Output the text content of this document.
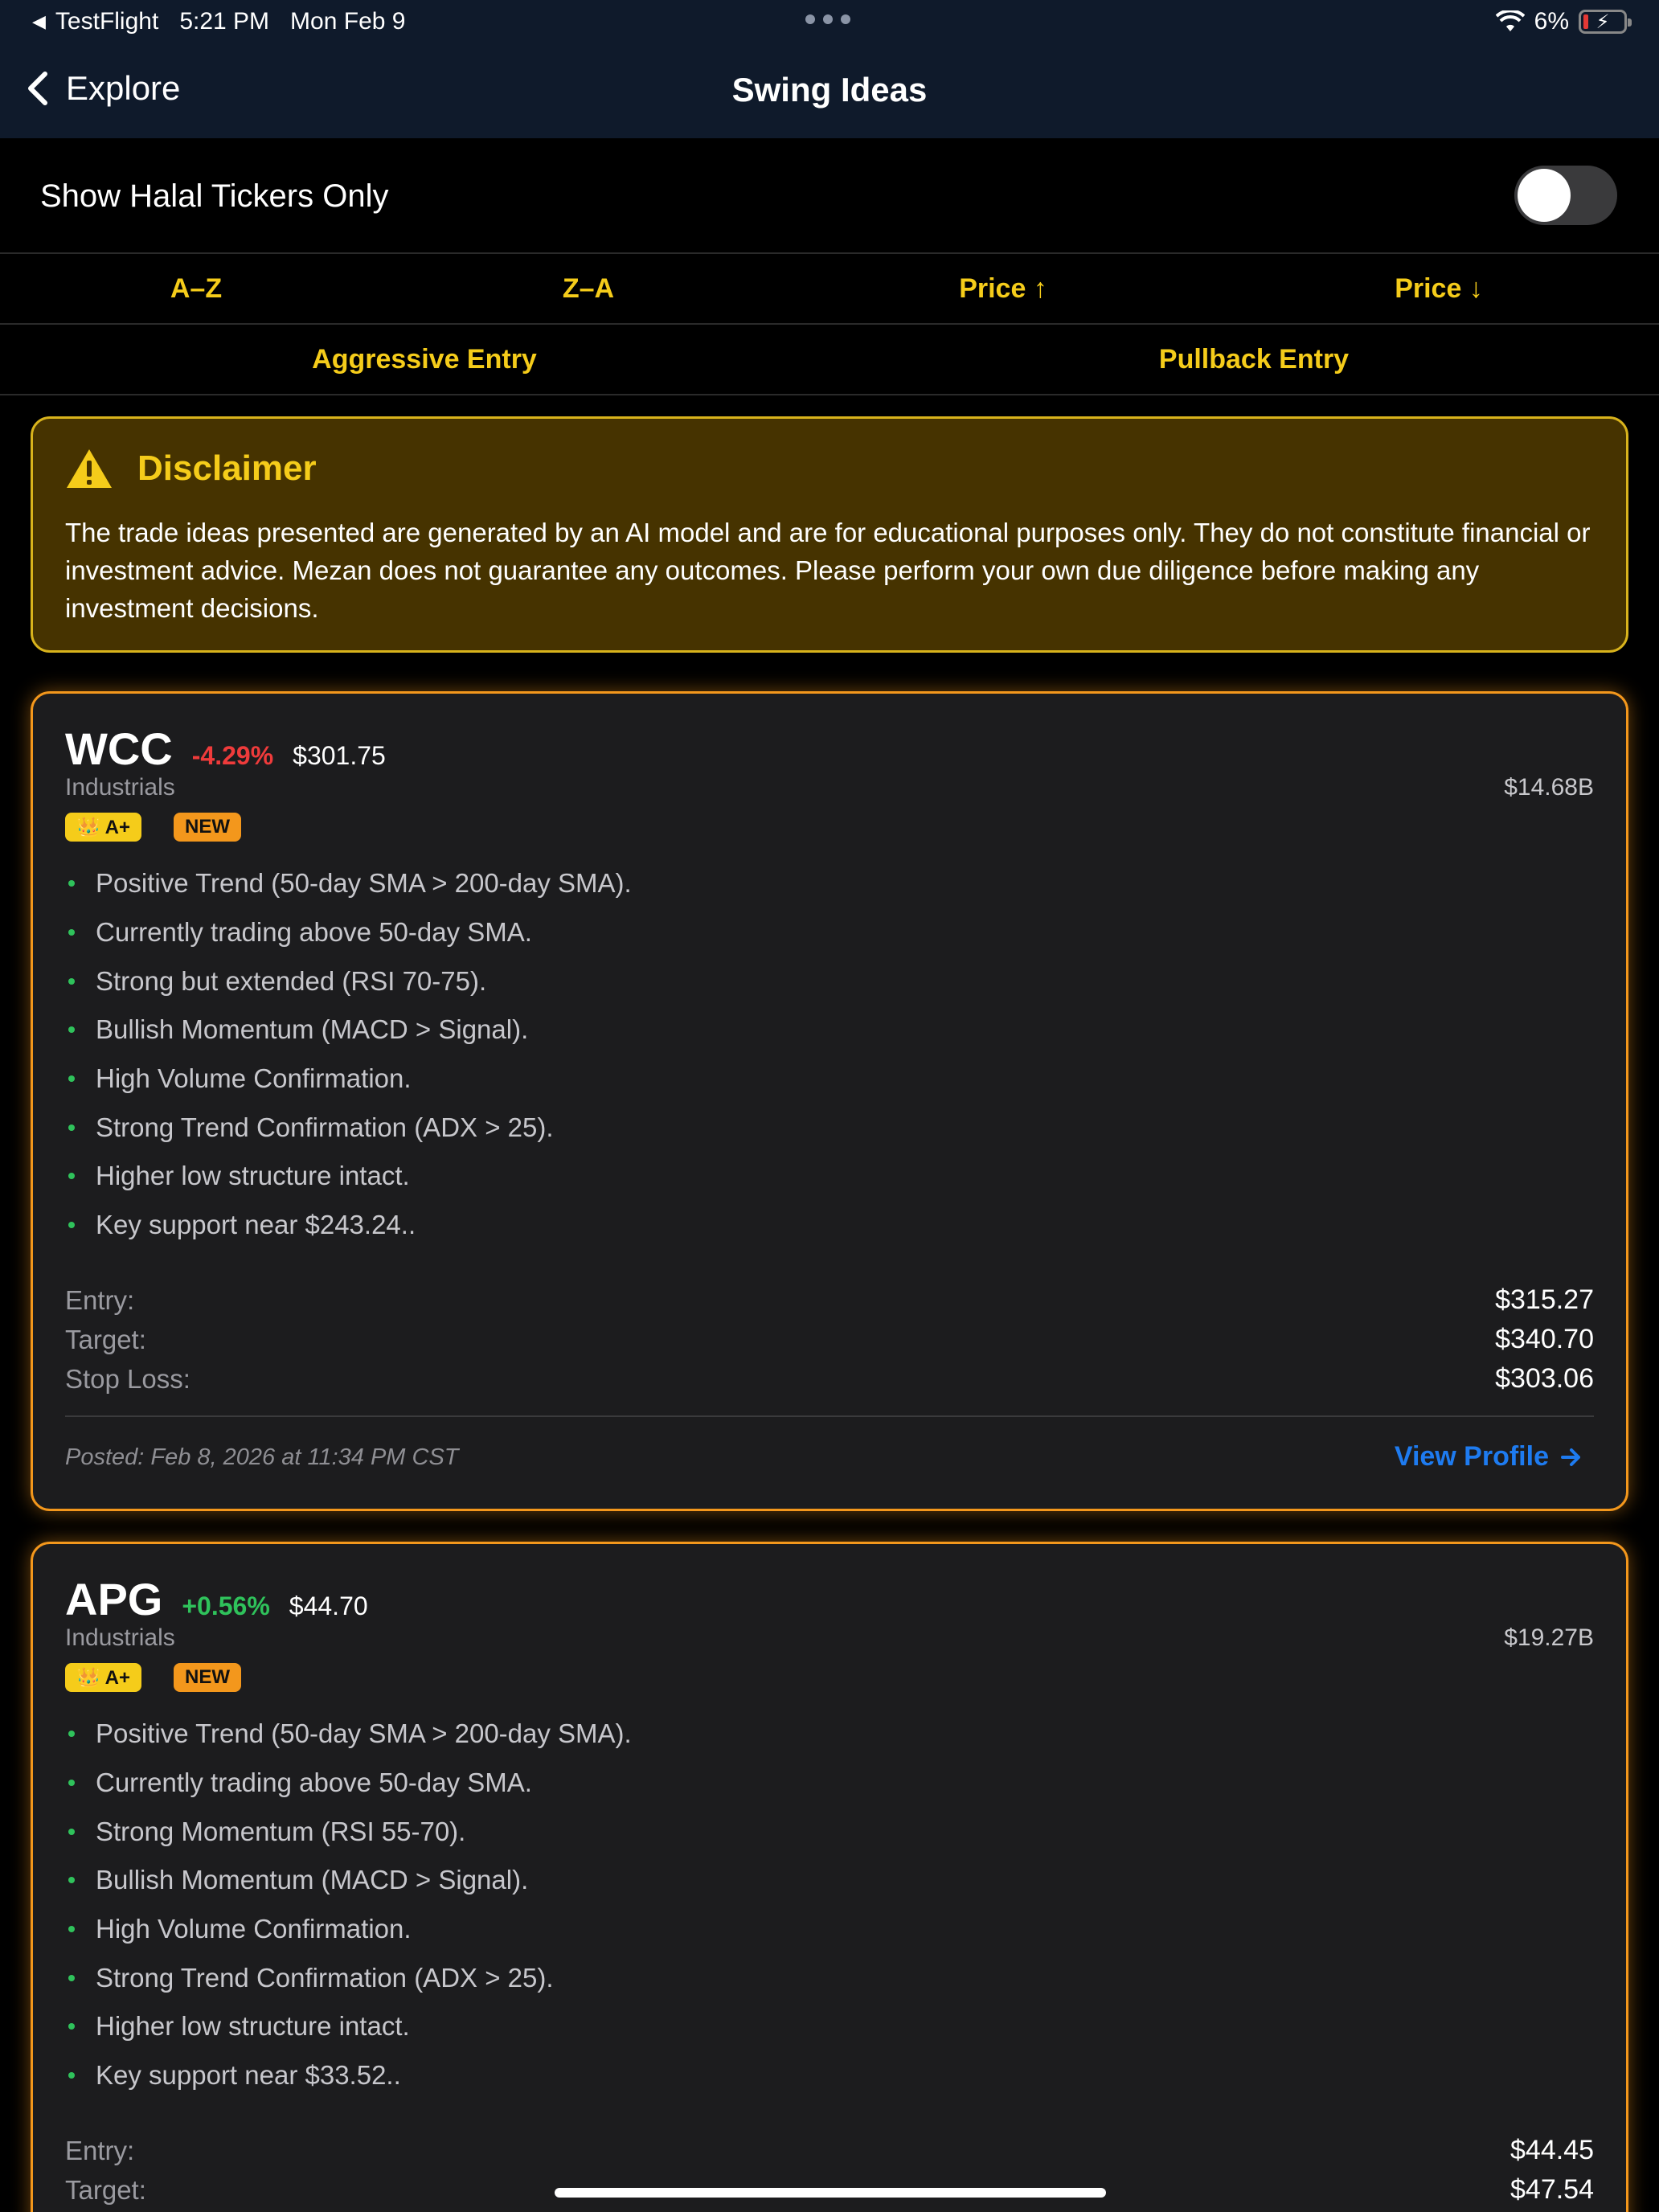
◀ TestFlight 5:21 PM Mon Feb 9	6% ⚡
Explore	Swing Ideas
Show Halal Tickers Only
A–Z	Z–A	Price ↑	Price ↓
Aggressive Entry	Pullback Entry
Disclaimer
The trade ideas presented are generated by an AI model and are for educational purposes only. They do not constitute financial or investment advice. Mezan does not guarantee any outcomes. Please perform your own due diligence before making any investment decisions.
WCC -4.29% $301.75
Industrials	$14.68B
👑 A+	NEW
Positive Trend (50-day SMA > 200-day SMA).
Currently trading above 50-day SMA.
Strong but extended (RSI 70-75).
Bullish Momentum (MACD > Signal).
High Volume Confirmation.
Strong Trend Confirmation (ADX > 25).
Higher low structure intact.
Key support near $243.24..
Entry:	$315.27
Target:	$340.70
Stop Loss:	$303.06
Posted: Feb 8, 2026 at 11:34 PM CST	View Profile
APG +0.56% $44.70
Industrials	$19.27B
👑 A+	NEW
Positive Trend (50-day SMA > 200-day SMA).
Currently trading above 50-day SMA.
Strong Momentum (RSI 55-70).
Bullish Momentum (MACD > Signal).
High Volume Confirmation.
Strong Trend Confirmation (ADX > 25).
Higher low structure intact.
Key support near $33.52..
Entry:	$44.45
Target:	$47.54
